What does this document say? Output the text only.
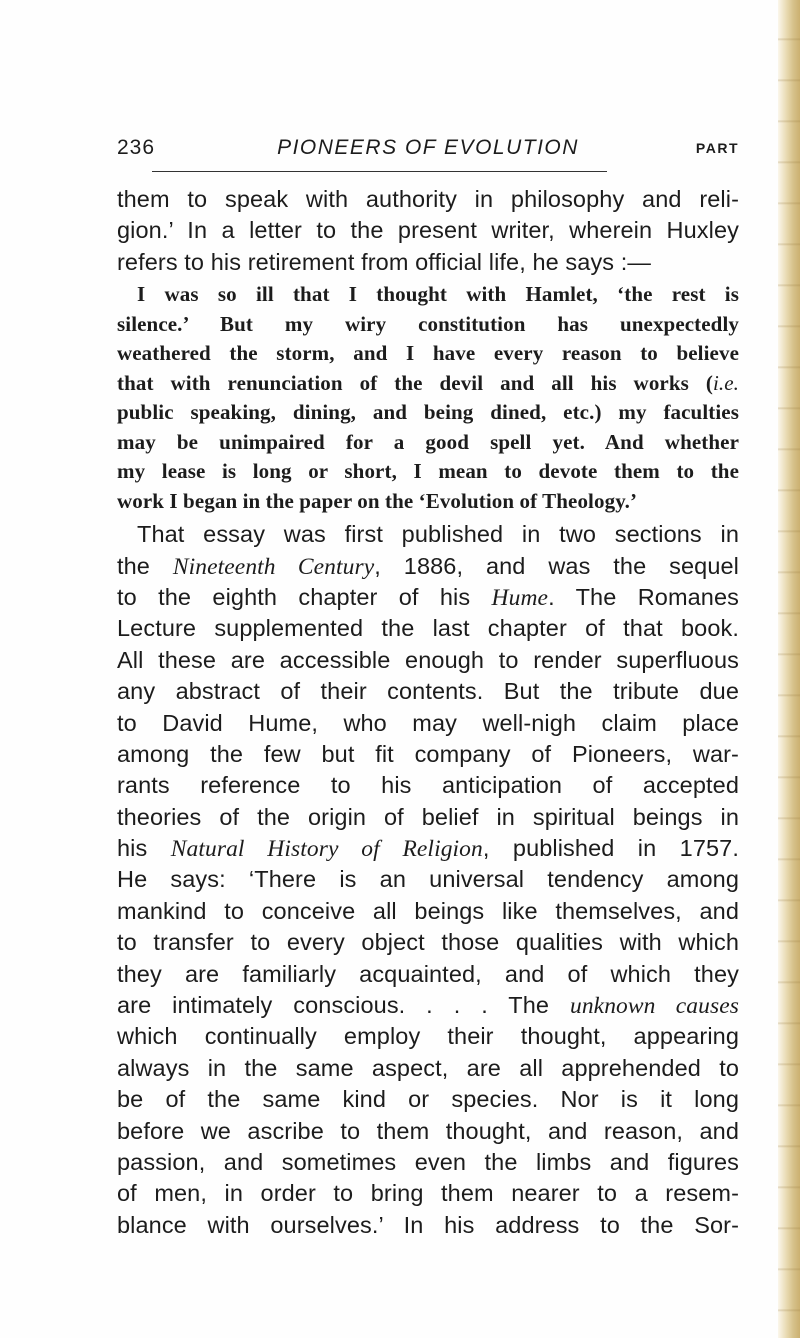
236	PIONEERS OF EVOLUTION	PART
them to speak with authority in philosophy and reli-
gion.’ In a letter to the present writer, wherein Huxley
refers to his retirement from official life, he says :—
I was so ill that I thought with Hamlet, ‘the rest is
silence.’ But my wiry constitution has unexpectedly
weathered the storm, and I have every reason to believe
that with renunciation of the devil and all his works (i.e.
public speaking, dining, and being dined, etc.) my faculties
may be unimpaired for a good spell yet. And whether
my lease is long or short, I mean to devote them to the
work I began in the paper on the ‘Evolution of Theology.’
That essay was first published in two sections in
the Nineteenth Century, 1886, and was the sequel
to the eighth chapter of his Hume. The Romanes
Lecture supplemented the last chapter of that book.
All these are accessible enough to render superfluous
any abstract of their contents. But the tribute due
to David Hume, who may well-nigh claim place
among the few but fit company of Pioneers, war-
rants reference to his anticipation of accepted
theories of the origin of belief in spiritual beings in
his Natural History of Religion, published in 1757.
He says: ‘There is an universal tendency among
mankind to conceive all beings like themselves, and
to transfer to every object those qualities with which
they are familiarly acquainted, and of which they
are intimately conscious. . . . The unknown causes
which continually employ their thought, appearing
always in the same aspect, are all apprehended to
be of the same kind or species. Nor is it long
before we ascribe to them thought, and reason, and
passion, and sometimes even the limbs and figures
of men, in order to bring them nearer to a resem-
blance with ourselves.’ In his address to the Sor-
